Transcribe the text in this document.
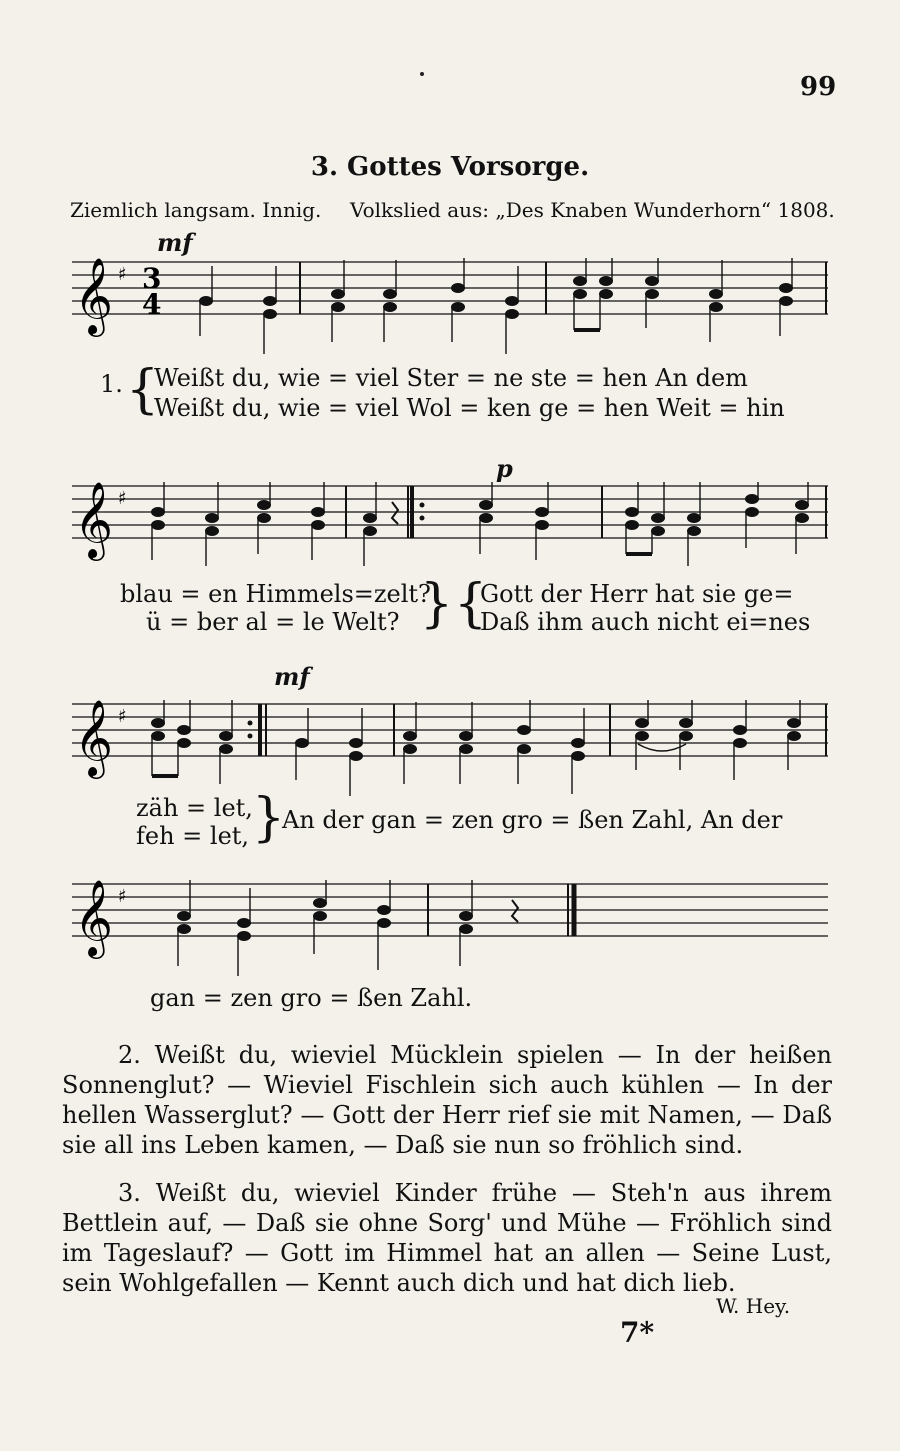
99
3. Gottes Vorsorge.
Ziemlich langsam. Innig. Volkslied aus: „Des Knaben Wunderhorn“ 1808.
mf
𝄞 ♯ 3
4
1. {
Weißt du, wie = viel Ster = ne ste = hen An dem
Weißt du, wie = viel Wol = ken ge = hen Weit = hin
p
𝄞 ♯
blau = en Himmels=zelt?
ü = ber al = le Welt? } {
Gott der Herr hat sie ge=
Daß ihm auch nicht ei=nes
mf
𝄞 ♯
zäh = let,
feh = let, }
An der gan = zen gro = ßen Zahl, An der
𝄞 ♯
gan = zen gro = ßen Zahl.
2. Weißt du, wieviel Mücklein spielen — In der heißen Sonnenglut? — Wieviel Fischlein sich auch kühlen — In der hellen Wasserglut? — Gott der Herr rief sie mit Namen, — Daß sie all ins Leben kamen, — Daß sie nun so fröhlich sind.
3. Weißt du, wieviel Kinder frühe — Steh'n aus ihrem Bettlein auf, — Daß sie ohne Sorg' und Mühe — Fröhlich sind im Tageslauf? — Gott im Himmel hat an allen — Seine Lust, sein Wohlgefallen — Kennt auch dich und hat dich lieb.
W. Hey.
7*
